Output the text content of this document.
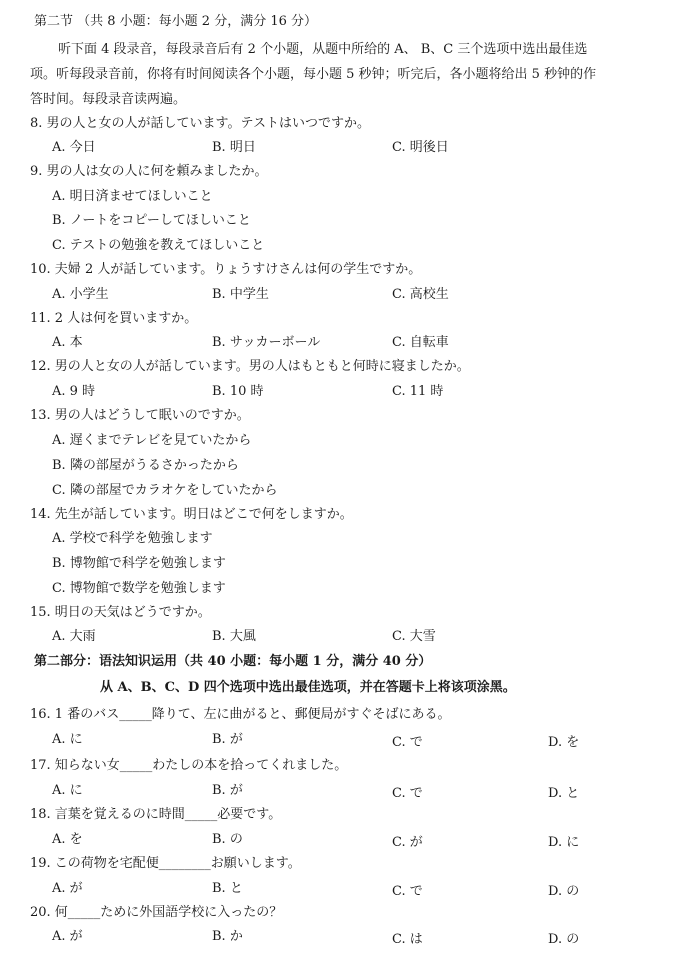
第二节 （共 8 小题：每小题 2 分，满分 16 分）
听下面 4 段录音，每段录音后有 2 个小题，从题中所给的 A、 B、C 三个选项中选出最佳选
项。听每段录音前，你将有时间阅读各个小题，每小题 5 秒钟；听完后，各小题将给出 5 秒钟的作
答时间。每段录音读两遍。
8. 男の人と女の人が話しています。テストはいつですか。
A. 今日	B. 明日	C. 明後日
9. 男の人は女の人に何を頼みましたか。
A. 明日済ませてほしいこと
B. ノートをコピーしてほしいこと
C. テストの勉強を教えてほしいこと
10. 夫婦 2 人が話しています。りょうすけさんは何の学生ですか。
A. 小学生	B. 中学生	C. 高校生
11. 2 人は何を買いますか。
A. 本	B. サッカーボール	C. 自転車
12. 男の人と女の人が話しています。男の人はもともと何時に寝ましたか。
A. 9 時	B. 10 時	C. 11 時
13. 男の人はどうして眠いのですか。
A. 遅くまでテレビを見ていたから
B. 隣の部屋がうるさかったから
C. 隣の部屋でカラオケをしていたから
14. 先生が話しています。明日はどこで何をしますか。
A. 学校で科学を勉強します
B. 博物館で科学を勉強します
C. 博物館で数学を勉強します
15. 明日の天気はどうですか。
A. 大雨	B. 大風	C. 大雪
第二部分：语法知识运用（共 40 小题：每小题 1 分，满分 40 分）
从 A、B、C、D 四个选项中选出最佳选项，并在答题卡上将该项涂黑。
16. 1 番のバス_____降りて、左に曲がると、郵便局がすぐそばにある。
A. に	B. が	C. で	D. を
17. 知らない女_____わたしの本を拾ってくれました。
A. に	B. が	C. で	D. と
18. 言葉を覚えるのに時間_____必要です。
A. を	B. の	C. が	D. に
19. この荷物を宅配便________お願いします。
A. が	B. と	C. で	D. の
20. 何_____ために外国語学校に入ったの？
A. が	B. か	C. は	D. の
